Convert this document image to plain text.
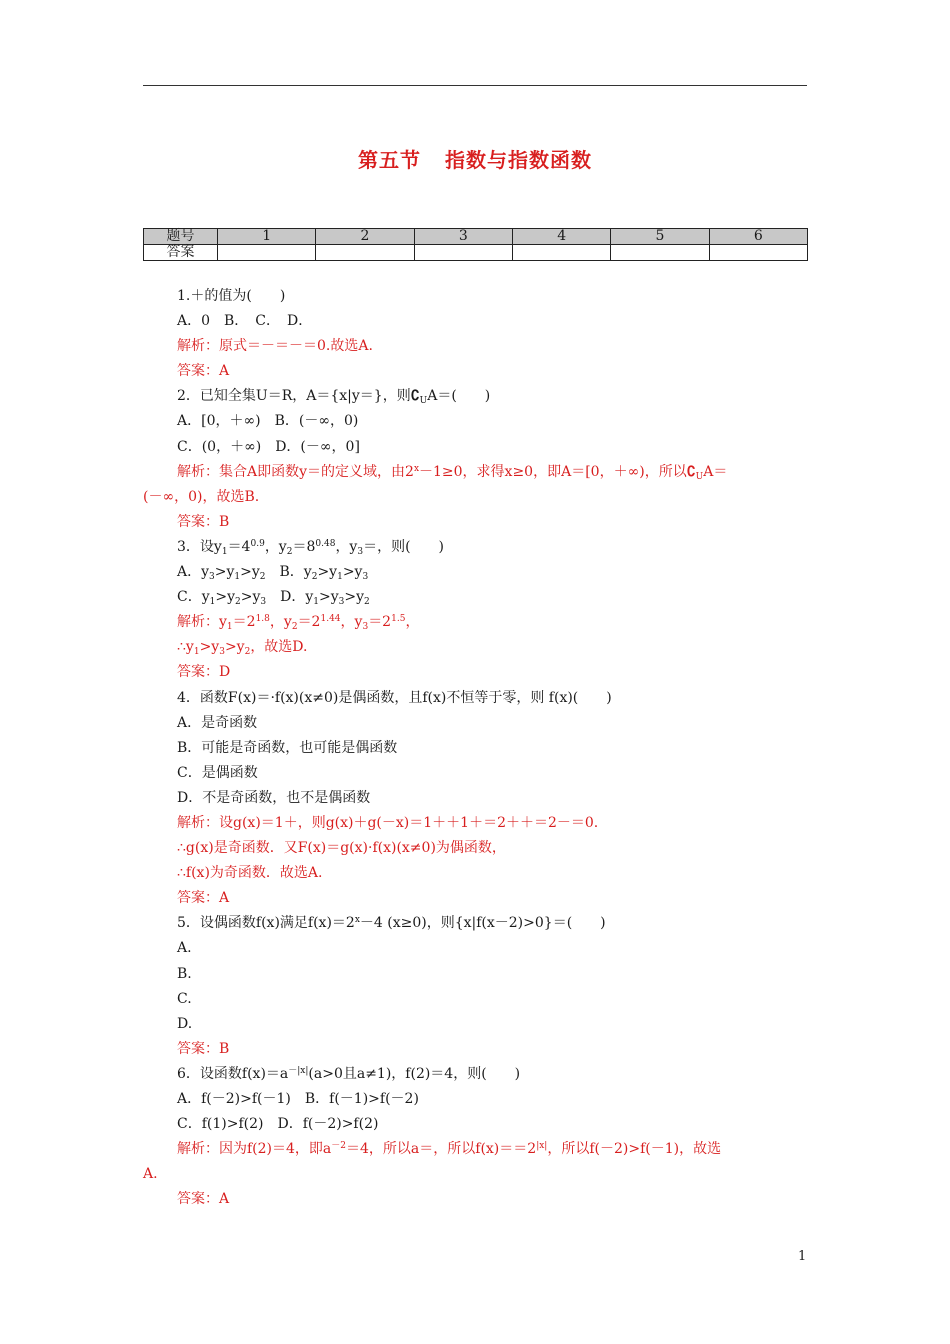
第五节 指数与指数函数
题号	1	2	3	4	5	6
答案						
1.＋的值为(　　)
A．0　B．　C．　D．
解析：原式＝－＝－＝0.故选A.
答案：A
2．已知全集U＝R，A＝{x|y＝}，则$∁_UA=$(　　)
A．[0，＋∞)　B．(－∞，0)
C．(0，＋∞)　D．(－∞，0]
解析：集合A即函数y＝的定义域，由$2^x-1\ge 0$，求得x≥0，即A＝[0，＋∞)，所以$∁_UA=$
(－∞，0)，故选B.
答案：B
3．设$y_1=4^{0.9}$，$y_2=8^{0.48}$，$y_3=$，则(　　)
A．$y_3>y_1>y_2$　 B．$y_2>y_1>y_3$
C．$y_1>y_2>y_3$　 D．$y_1>y_3>y_2$
解析：$y_1=2^{1.8}$，$y_2=2^{1.44}$，$y_3=2^{1.5}$，
$\therefore y_1>y_3>y_2$，故选D.
答案：D
4．函数F(x)＝·f(x)(x≠0)是偶函数，且f(x)不恒等于零，则 f(x)(　　)
A．是奇函数
B．可能是奇函数，也可能是偶函数
C．是偶函数
D．不是奇函数，也不是偶函数
解析：设g(x)＝1＋，则g(x)＋g(－x)＝1＋＋1＋＝2＋＋＝2－＝0.
∴g(x)是奇函数．又F(x)＝g(x)·f(x)(x≠0)为偶函数，
∴f(x)为奇函数．故选A.
答案：A
5．设偶函数f(x)满足$f(x)=2^x-4$ (x≥0)，则{x|f(x－2)>0}＝(　　)
A.
B.
C.
D.
答案：B
6．设函数$f(x)=a^{-|x|}(a>0$且a≠1)，f(2)＝4，则(　　)
A．f(－2)>f(－1)　B．f(－1)>f(－2)
C．f(1)>f(2)　D．f(－2)>f(2)
解析：因为f(2)＝4，即$a^{-2}=4$，所以a＝，所以$f(x)==2^{|x|}$，所以f(－2)>f(－1)，故选
A.
答案：A
1
